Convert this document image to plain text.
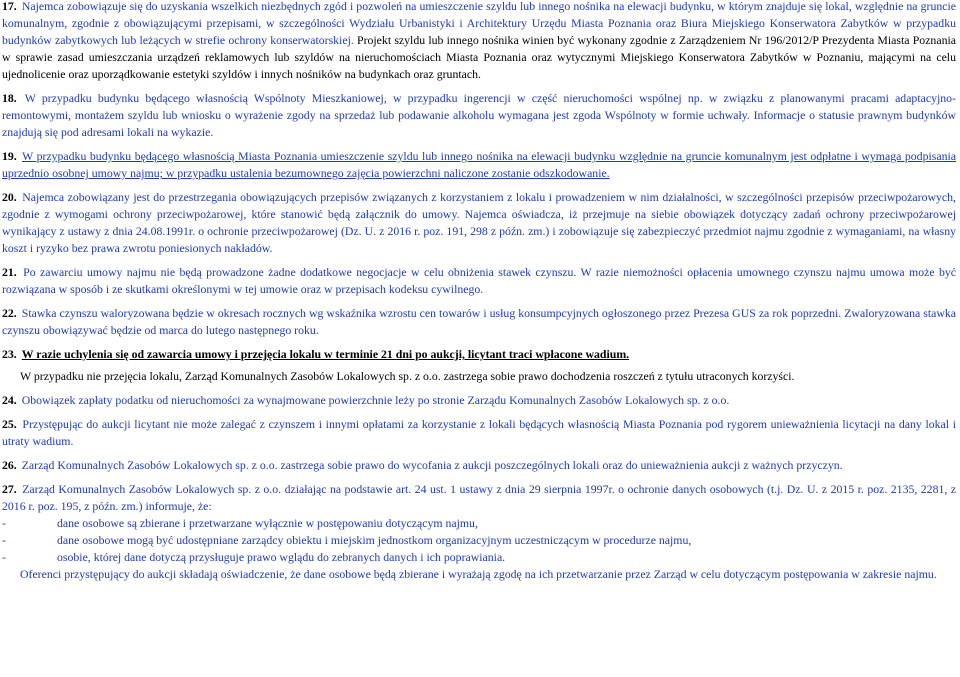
17. Najemca zobowiązuje się do uzyskania wszelkich niezbędnych zgód i pozwoleń na umieszczenie szyldu lub innego nośnika na elewacji budynku, w którym znajduje się lokal, względnie na gruncie komunalnym, zgodnie z obowiązującymi przepisami, w szczególności Wydziału Urbanistyki i Architektury Urzędu Miasta Poznania oraz Biura Miejskiego Konserwatora Zabytków w przypadku budynków zabytkowych lub leżących w strefie ochrony konserwatorskiej. Projekt szyldu lub innego nośnika winien być wykonany zgodnie z Zarządzeniem Nr 196/2012/P Prezydenta Miasta Poznania w sprawie zasad umieszczania urządzeń reklamowych lub szyldów na nieruchomościach Miasta Poznania oraz wytycznymi Miejskiego Konserwatora Zabytków w Poznaniu, mającymi na celu ujednolicenie oraz uporządkowanie estetyki szyldów i innych nośników na budynkach oraz gruntach.

18. W przypadku budynku będącego własnością Wspólnoty Mieszkaniowej, w przypadku ingerencji w część nieruchomości wspólnej np. w związku z planowanymi pracami adaptacyjno-remontowymi, montażem szyldu lub wniosku o wyrażenie zgody na sprzedaż lub podawanie alkoholu wymagana jest zgoda Wspólnoty w formie uchwały. Informacje o statusie prawnym budynków znajdują się pod adresami lokali na wykazie.

19. W przypadku budynku będącego własnością Miasta Poznania umieszczenie szyldu lub innego nośnika na elewacji budynku względnie na gruncie komunalnym jest odpłatne i wymaga podpisania uprzednio osobnej umowy najmu; w przypadku ustalenia bezumownego zajęcia powierzchni naliczone zostanie odszkodowanie.

20. Najemca zobowiązany jest do przestrzegania obowiązujących przepisów związanych z korzystaniem z lokalu i prowadzeniem w nim działalności, w szczególności przepisów przeciwpożarowych, zgodnie z wymogami ochrony przeciwpożarowej, które stanowić będą załącznik do umowy. Najemca oświadcza, iż przejmuje na siebie obowiązek dotyczący zadań ochrony przeciwpożarowej wynikający z ustawy z dnia 24.08.1991r. o ochronie przeciwpożarowej (Dz. U. z 2016 r. poz. 191, 298 z późn. zm.) i zobowiązuje się zabezpieczyć przedmiot najmu zgodnie z wymaganiami, na własny koszt i ryzyko bez prawa zwrotu poniesionych nakładów.

21. Po zawarciu umowy najmu nie będą prowadzone żadne dodatkowe negocjacje w celu obniżenia stawek czynszu. W razie niemożności opłacenia umownego czynszu najmu umowa może być rozwiązana w sposób i ze skutkami określonymi w tej umowie oraz w przepisach kodeksu cywilnego.

22. Stawka czynszu waloryzowana będzie w okresach rocznych wg wskaźnika wzrostu cen towarów i usług konsumpcyjnych ogłoszonego przez Prezesa GUS za rok poprzedni. Zwaloryzowana stawka czynszu obowiązywać będzie od marca do lutego następnego roku.

23. W razie uchylenia się od zawarcia umowy i przejęcia lokalu w terminie 21 dni po aukcji, licytant traci wpłacone wadium.

W przypadku nie przejęcia lokalu, Zarząd Komunalnych Zasobów Lokalowych sp. z o.o. zastrzega sobie prawo dochodzenia roszczeń z tytułu utraconych korzyści.

24. Obowiązek zapłaty podatku od nieruchomości za wynajmowane powierzchnie leży po stronie Zarządu Komunalnych Zasobów Lokalowych sp. z o.o.

25. Przystępując do aukcji licytant nie może zalegać z czynszem i innymi opłatami za korzystanie z lokali będących własnością Miasta Poznania pod rygorem unieważnienia licytacji na dany lokal i utraty wadium.

26. Zarząd Komunalnych Zasobów Lokalowych sp. z o.o. zastrzega sobie prawo do wycofania z aukcji poszczególnych lokali oraz do unieważnienia aukcji z ważnych przyczyn.

27. Zarząd Komunalnych Zasobów Lokalowych sp. z o.o. działając na podstawie art. 24 ust. 1 ustawy z dnia 29 sierpnia 1997r. o ochronie danych osobowych (t.j. Dz. U. z 2015 r. poz. 2135, 2281, z 2016 r. poz. 195, z późn. zm.) informuje, że:

- dane osobowe są zbierane i przetwarzane wyłącznie w postępowaniu dotyczącym najmu,
- dane osobowe mogą być udostępniane zarządcy obiektu i miejskim jednostkom organizacyjnym uczestniczącym w procedurze najmu,
- osobie, której dane dotyczą przysługuje prawo wglądu do zebranych danych i ich poprawiania.

Oferenci przystępujący do aukcji składają oświadczenie, że dane osobowe będą zbierane i wyrażają zgodę na ich przetwarzanie przez Zarząd w celu dotyczącym postępowania w zakresie najmu.
